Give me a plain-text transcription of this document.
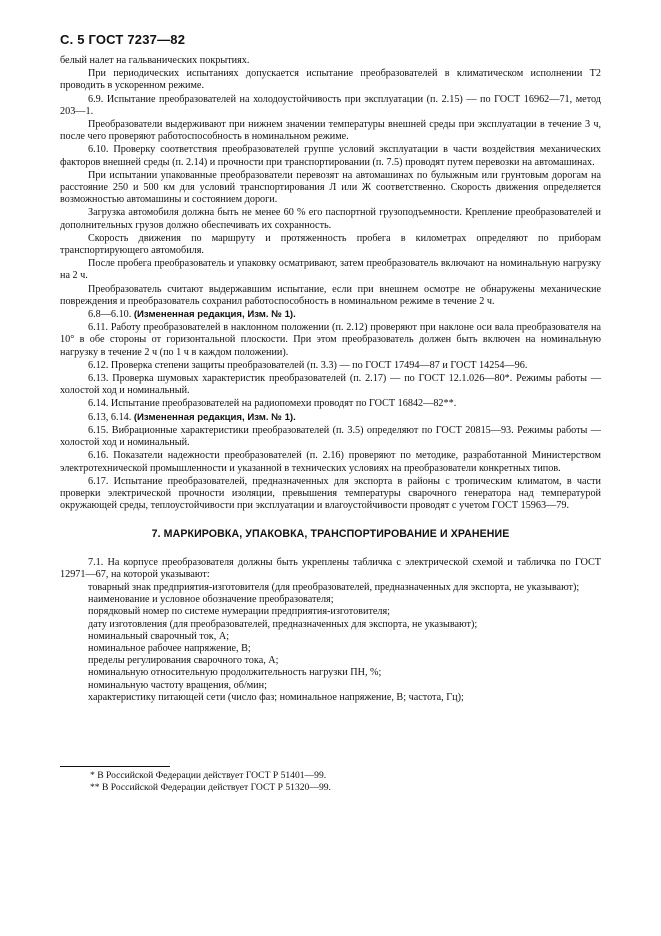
С. 5 ГОСТ 7237—82

белый налет на гальванических покрытиях.

При периодических испытаниях допускается испытание преобразователей в климатическом исполнении Т2 проводить в ускоренном режиме.

6.9. Испытание преобразователей на холодоустойчивость при эксплуатации (п. 2.15) — по ГОСТ 16962—71, метод 203—1.

Преобразователи выдерживают при нижнем значении температуры внешней среды при эксплуатации в течение 3 ч, после чего проверяют работоспособность в номинальном режиме.

6.10. Проверку соответствия преобразователей группе условий эксплуатации в части воздействия механических факторов внешней среды (п. 2.14) и прочности при транспортировании (п. 7.5) проводят путем перевозки на автомашинах.

При испытании упакованные преобразователи перевозят на автомашинах по булыжным или грунтовым дорогам на расстояние 250 и 500 км для условий транспортирования Л или Ж соответственно. Скорость движения определяется возможностью автомашины и состоянием дороги.

Загрузка автомобиля должна быть не менее 60 % его паспортной грузоподъемности. Крепление преобразователей и дополнительных грузов должно обеспечивать их сохранность.

Скорость движения по маршруту и протяженность пробега в километрах определяют по приборам транспортирующего автомобиля.

После пробега преобразователь и упаковку осматривают, затем преобразователь включают на номинальную нагрузку на 2 ч.

Преобразователь считают выдержавшим испытание, если при внешнем осмотре не обнаружены механические повреждения и преобразователь сохранил работоспособность в номинальном режиме в течение 2 ч.

6.8—6.10. (Измененная редакция, Изм. № 1).

6.11. Работу преобразователей в наклонном положении (п. 2.12) проверяют при наклоне оси вала преобразователя на 10° в обе стороны от горизонтальной плоскости. При этом преобразователь должен быть включен на номинальную нагрузку в течение 2 ч (по 1 ч в каждом положении).

6.12. Проверка степени защиты преобразователей (п. 3.3) — по ГОСТ 17494—87 и ГОСТ 14254—96.

6.13. Проверка шумовых характеристик преобразователей (п. 2.17) — по ГОСТ 12.1.026—80*. Режимы работы — холостой ход и номинальный.

6.14. Испытание преобразователей на радиопомехи проводят по ГОСТ 16842—82**.

6.13, 6.14. (Измененная редакция, Изм. № 1).

6.15. Вибрационные характеристики преобразователей (п. 3.5) определяют по ГОСТ 20815—93. Режимы работы — холостой ход и номинальный.

6.16. Показатели надежности преобразователей (п. 2.16) проверяют по методике, разработанной Министерством электротехнической промышленности и указанной в технических условиях на преобразователи конкретных типов.

6.17. Испытание преобразователей, предназначенных для экспорта в районы с тропическим климатом, в части проверки электрической прочности изоляции, превышения температуры сварочного генератора над температурой окружающей среды, теплоустойчивости при эксплуатации и влагоустойчивости проводят с учетом ГОСТ 15963—79.

7. МАРКИРОВКА, УПАКОВКА, ТРАНСПОРТИРОВАНИЕ И ХРАНЕНИЕ

7.1. На корпусе преобразователя должны быть укреплены табличка с электрической схемой и табличка по ГОСТ 12971—67, на которой указывают:

товарный знак предприятия-изготовителя (для преобразователей, предназначенных для экспорта, не указывают);

наименование и условное обозначение преобразователя;

порядковый номер по системе нумерации предприятия-изготовителя;

дату изготовления (для преобразователей, предназначенных для экспорта, не указывают);

номинальный сварочный ток, А;

номинальное рабочее напряжение, В;

пределы регулирования сварочного тока, А;

номинальную относительную продолжительность нагрузки ПН, %;

номинальную частоту вращения, об/мин;

характеристику питающей сети (число фаз; номинальное напряжение, В; частота, Гц);

* В Российской Федерации действует ГОСТ Р 51401—99.

** В Российской Федерации действует ГОСТ Р 51320—99.
